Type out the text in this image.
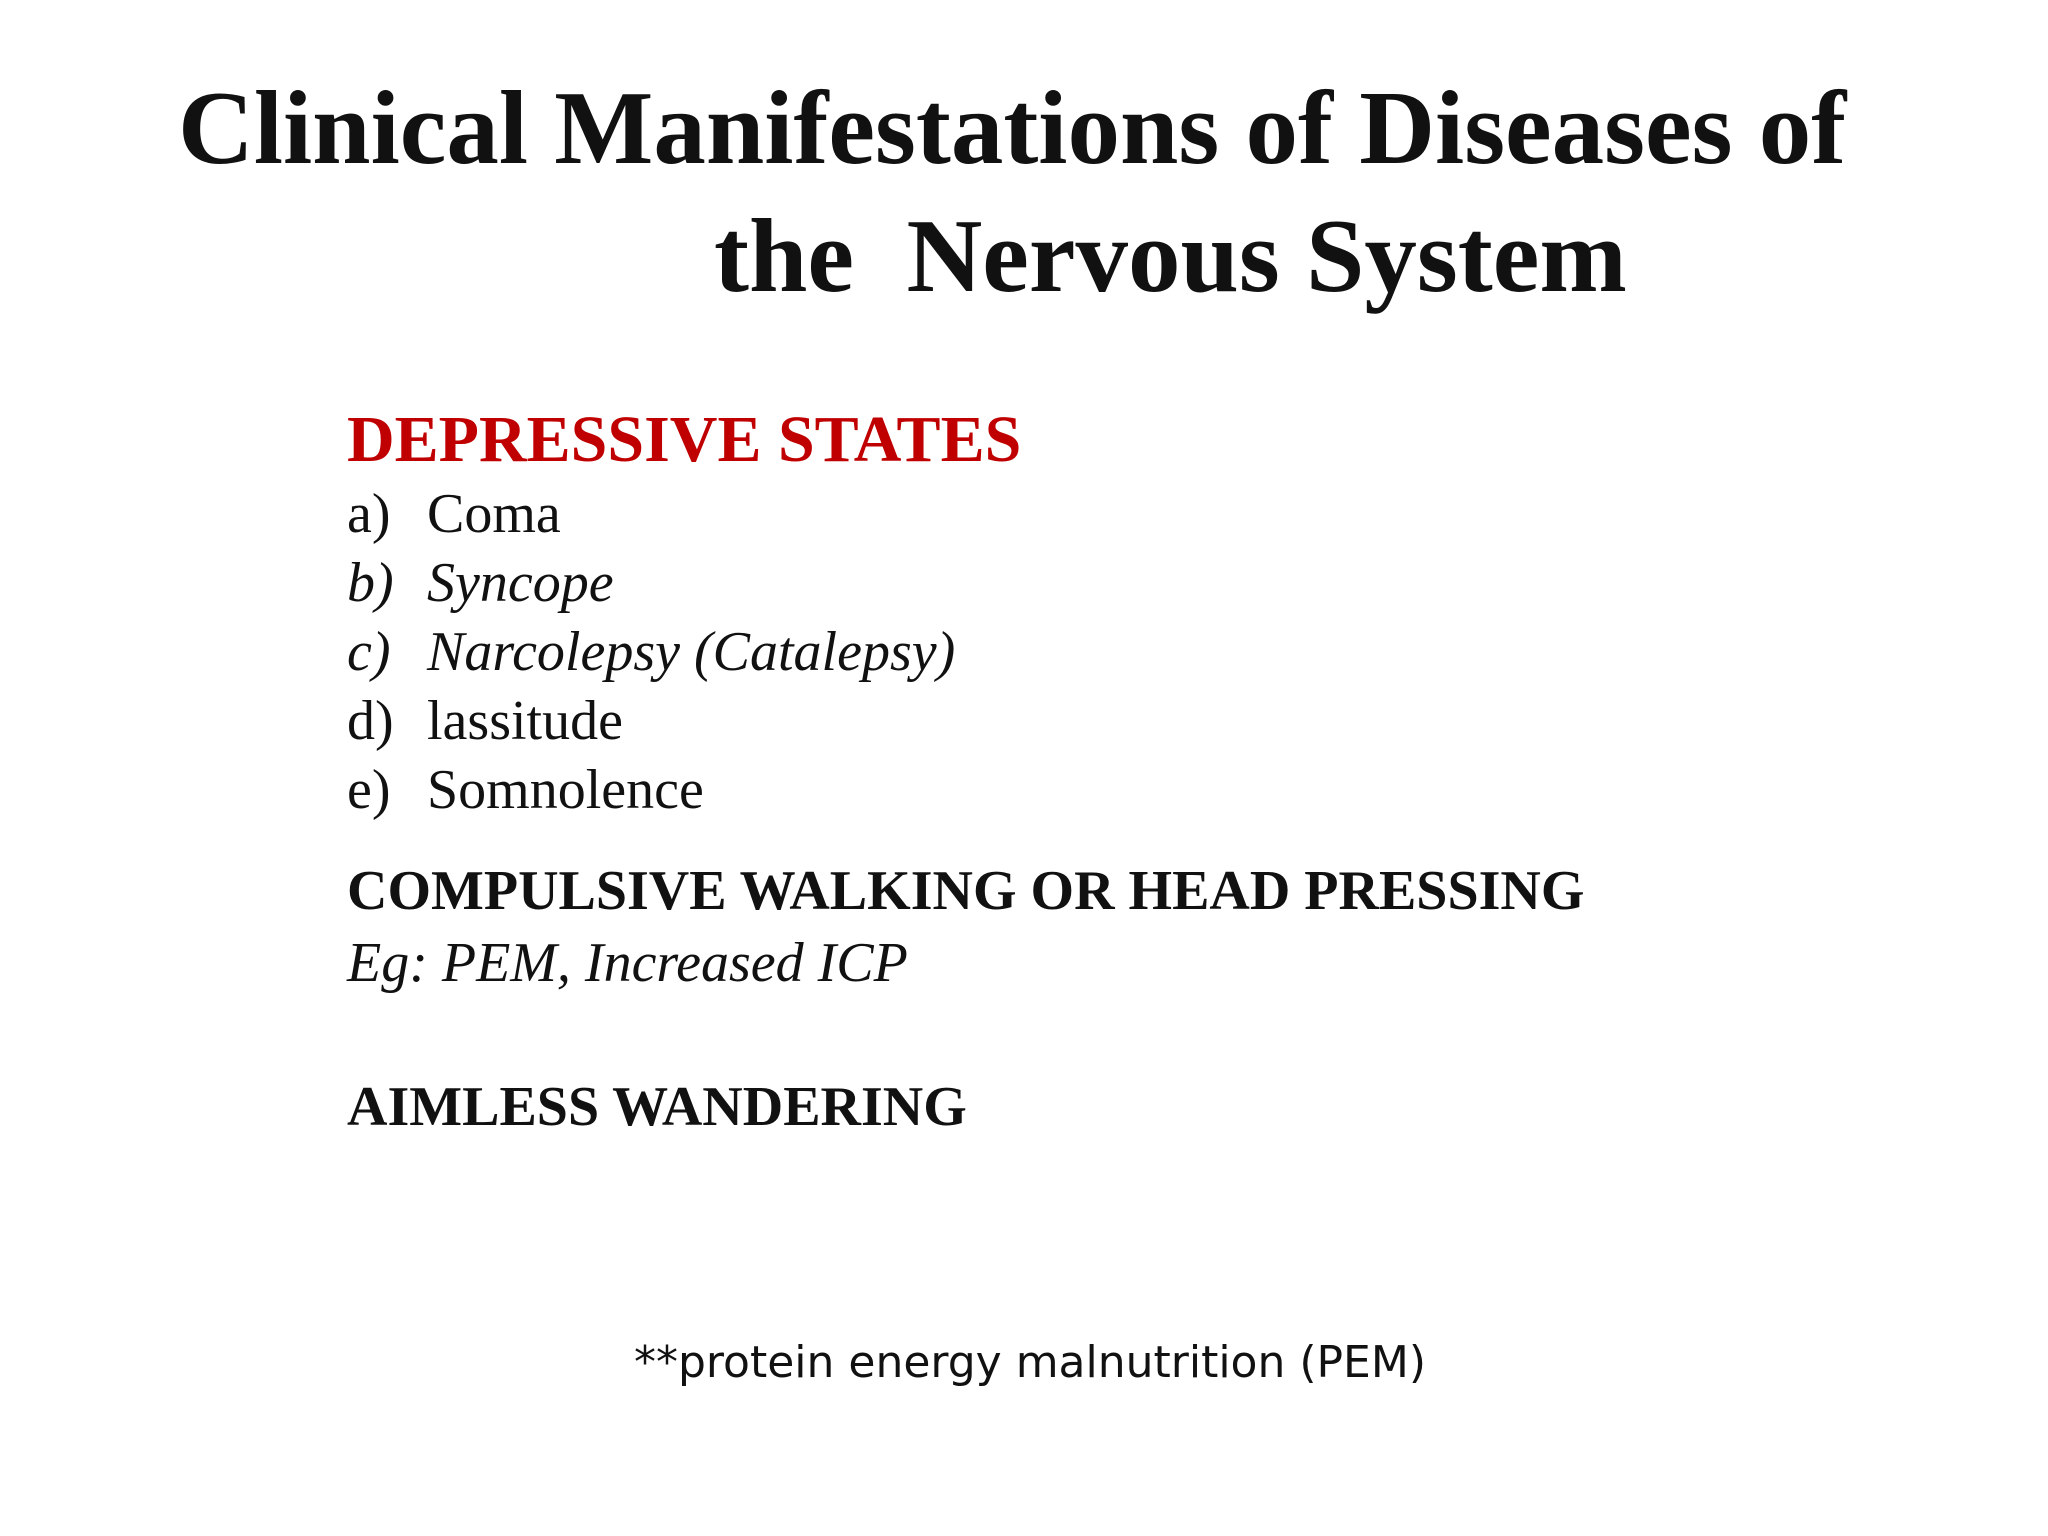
Clinical Manifestations of Diseases of
the  Nervous System

DEPRESSIVE STATES

a) Coma
b) Syncope
c) Narcolepsy (Catalepsy)
d) lassitude
e) Somnolence

COMPULSIVE WALKING OR HEAD PRESSING

Eg: PEM, Increased ICP

AIMLESS WANDERING

**protein energy malnutrition (PEM)
